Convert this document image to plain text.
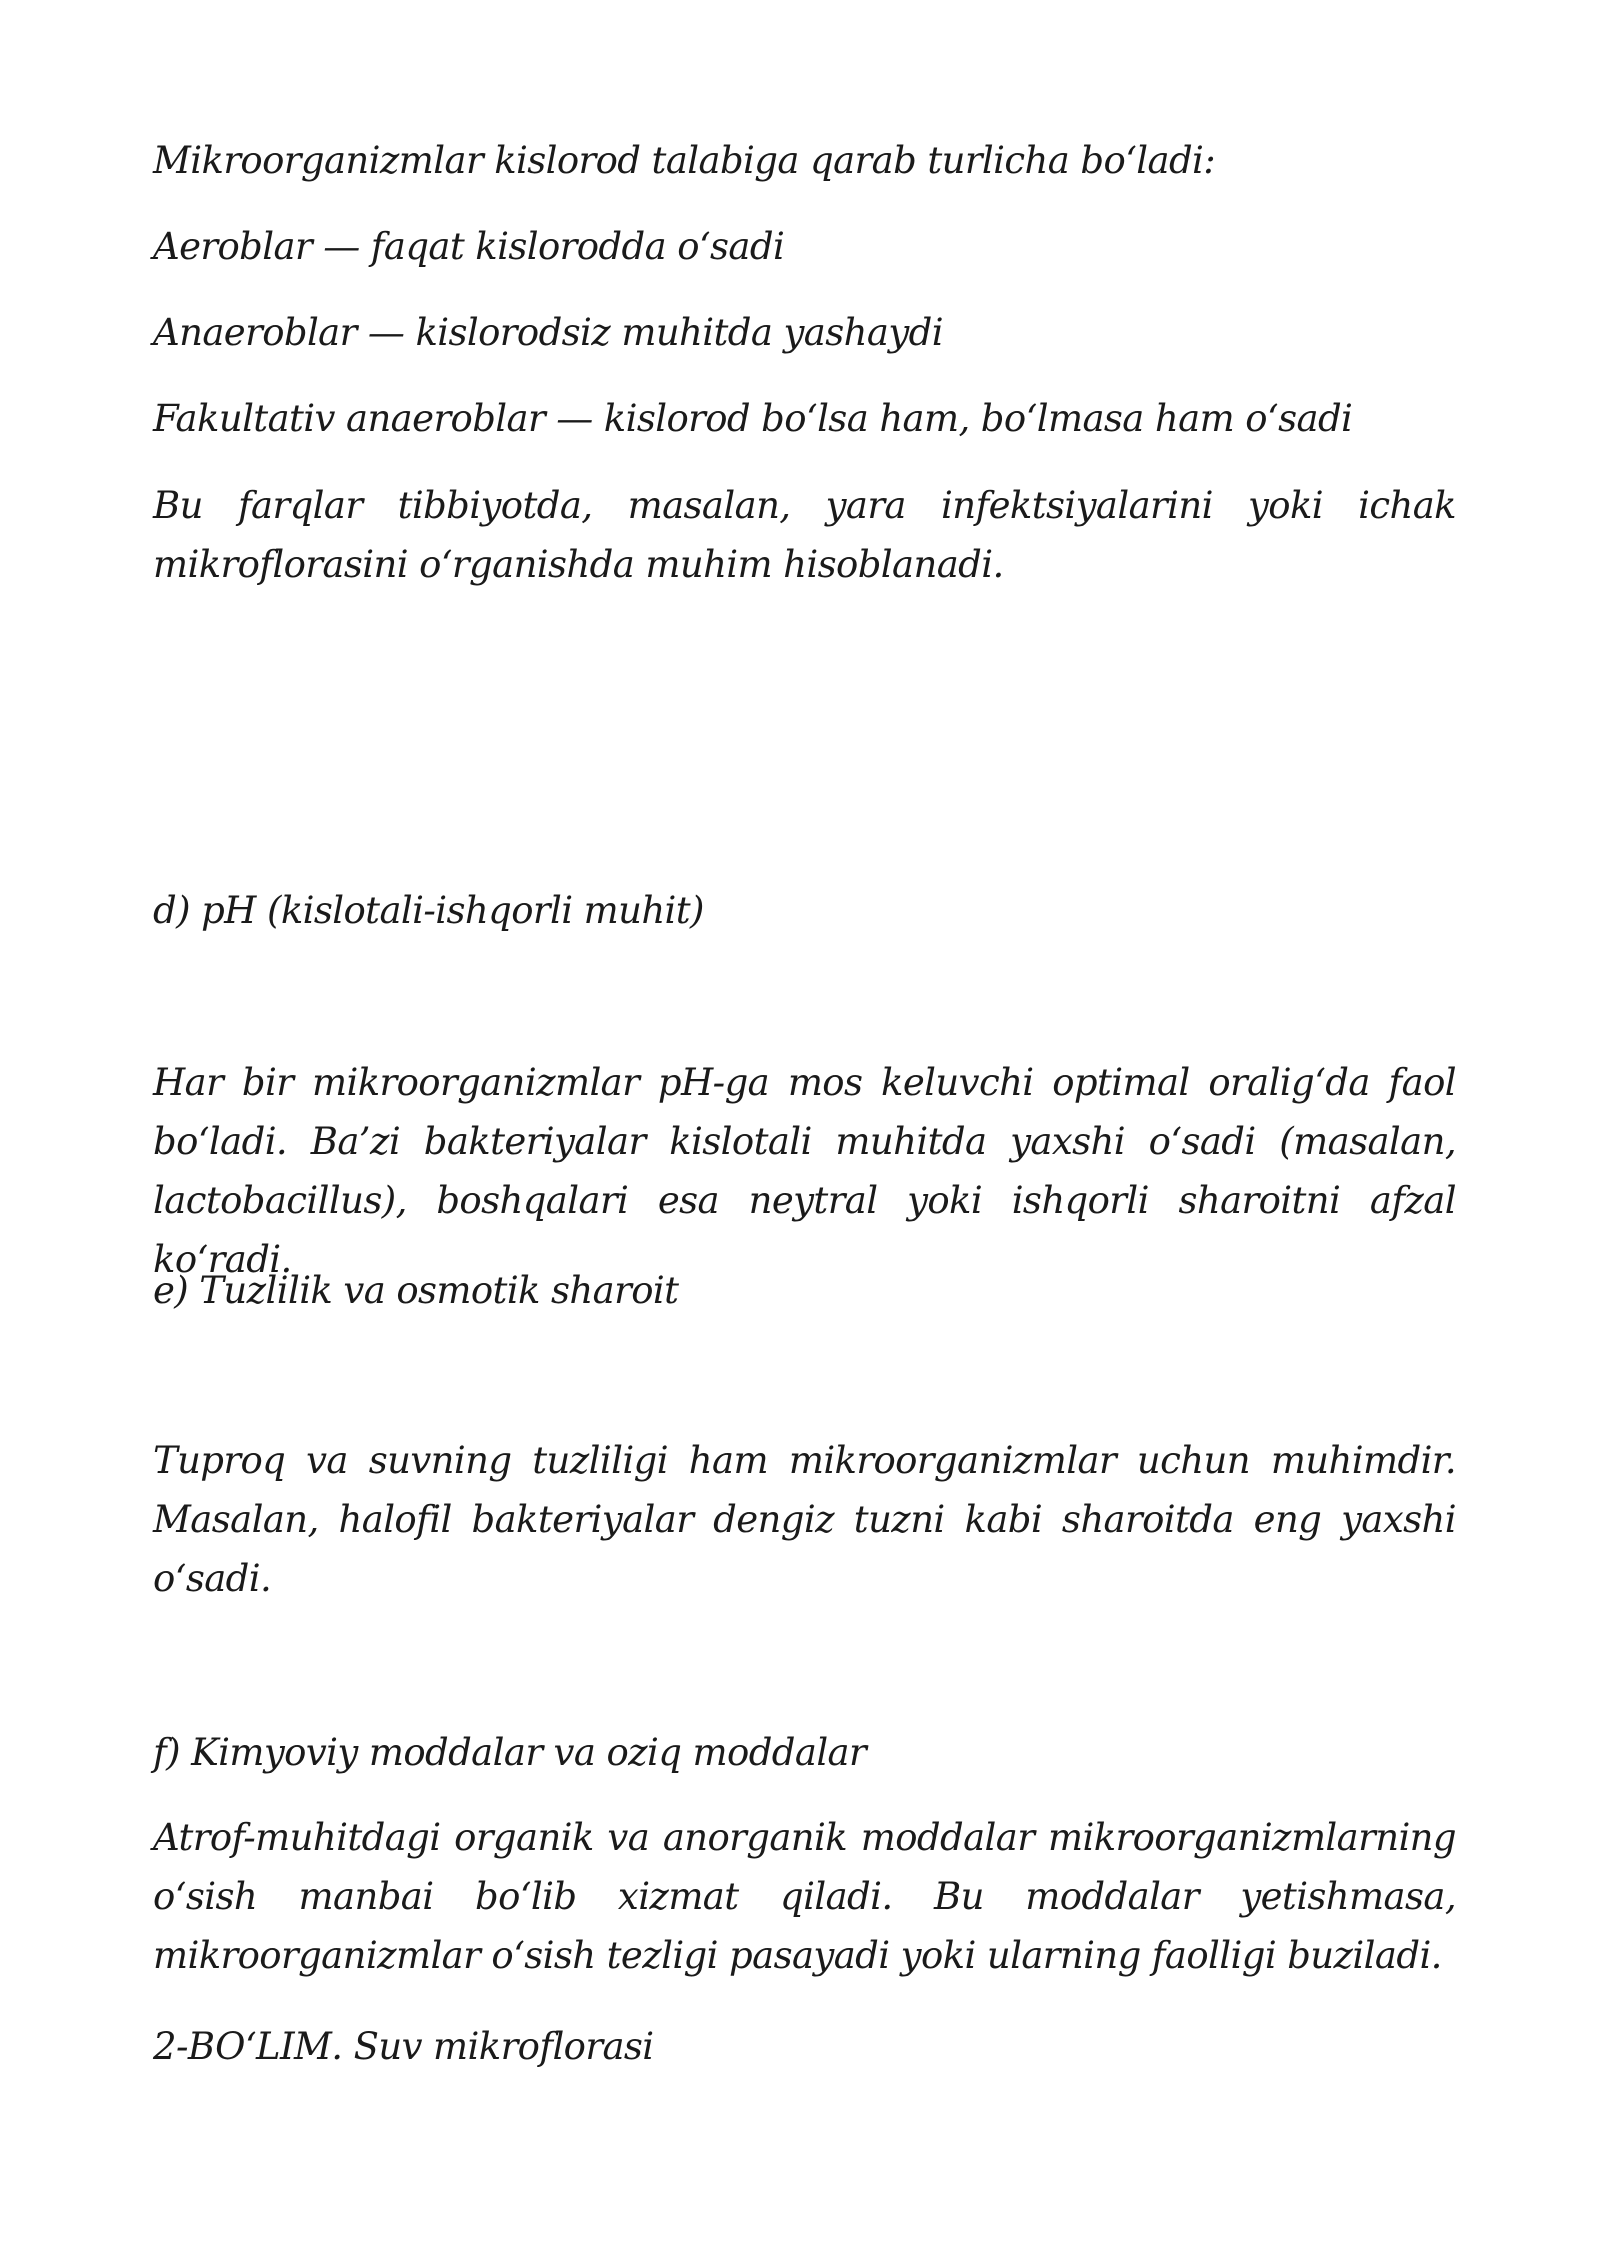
Mikroorganizmlar kislorod talabiga qarab turlicha bo‘ladi:

Aeroblar — faqat kislorodda o‘sadi

Anaeroblar — kislorodsiz muhitda yashaydi

Fakultativ anaeroblar — kislorod bo‘lsa ham, bo‘lmasa ham o‘sadi

Bu farqlar tibbiyotda, masalan, yara infektsiyalarini yoki ichak mikroflorasini o‘rganishda muhim hisoblanadi.

d) pH (kislotali-ishqorli muhit)

Har bir mikroorganizmlar pH-ga mos keluvchi optimal oralig‘da faol bo‘ladi. Ba’zi bakteriyalar kislotali muhitda yaxshi o‘sadi (masalan, lactobacillus), boshqalari esa neytral yoki ishqorli sharoitni afzal ko‘radi.

e) Tuzlilik va osmotik sharoit

Tuproq va suvning tuzliligi ham mikroorganizmlar uchun muhimdir. Masalan, halofil bakteriyalar dengiz tuzni kabi sharoitda eng yaxshi o‘sadi.

f) Kimyoviy moddalar va oziq moddalar

Atrof-muhitdagi organik va anorganik moddalar mikroorganizmlarning o‘sish manbai bo‘lib xizmat qiladi. Bu moddalar yetishmasa, mikroorganizmlar o‘sish tezligi pasayadi yoki ularning faolligi buziladi.

2-BO‘LIM. Suv mikroflorasi
